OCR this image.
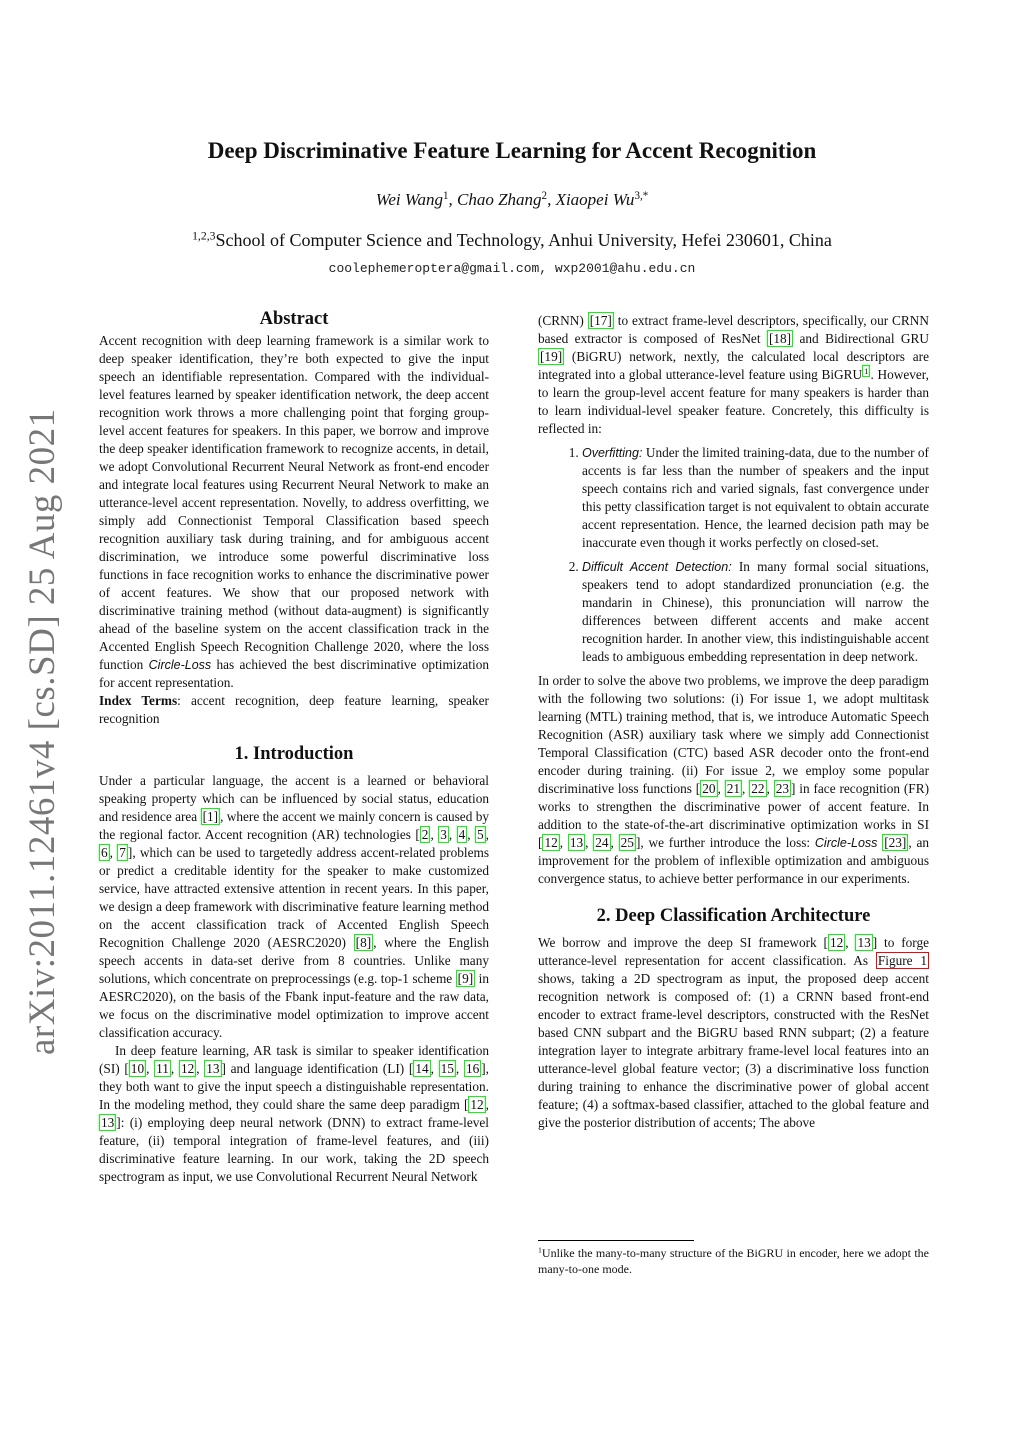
arXiv:2011.12461v4 [cs.SD] 25 Aug 2021
Deep Discriminative Feature Learning for Accent Recognition
Wei Wang$^1$, Chao Zhang$^2$, Xiaopei $Wu^{3,*}$
$^{1,2,3}$School of Computer Science and Technology, Anhui University, Hefei 230601, China
coolephemeroptera@gmail.com, wxp2001@ahu.edu.cn
Abstract

Accent recognition with deep learning framework is a similar work to deep speaker identification, they’re both expected to give the input speech an identifiable representation. Compared with the individual-level features learned by speaker identification network, the deep accent recognition work throws a more challenging point that forging group-level accent features for speakers. In this paper, we borrow and improve the deep speaker identification framework to recognize accents, in detail, we adopt Convolutional Recurrent Neural Network as front-end encoder and integrate local features using Recurrent Neural Network to make an utterance-level accent representation. Novelly, to address overfitting, we simply add Connectionist Temporal Classification based speech recognition auxiliary task during training, and for ambiguous accent discrimination, we introduce some powerful discriminative loss functions in face recognition works to enhance the discriminative power of accent features. We show that our proposed network with discriminative training method (without data-augment) is significantly ahead of the baseline system on the accent classification track in the Accented English Speech Recognition Challenge 2020, where the loss function Circle-Loss has achieved the best discriminative optimization for accent representation.

Index Terms: accent recognition, deep feature learning, speaker recognition

1. Introduction

Under a particular language, the accent is a learned or behavioral speaking property which can be influenced by social status, education and residence area [1] , where the accent we mainly concern is caused by the regional factor. Accent recognition (AR) technologies [ 2 , 3 , 4 , 5 , 6 , 7 ], which can be used to targetedly address accent-related problems or predict a creditable identity for the speaker to make customized service, have attracted extensive attention in recent years. In this paper, we design a deep framework with discriminative feature learning method on the accent classification track of Accented English Speech Recognition Challenge 2020 (AESRC2020) [8] , where the English speech accents in data-set derive from 8 countries. Unlike many solutions, which concentrate on preprocessings (e.g. top-1 scheme [9] in AESRC2020), on the basis of the Fbank input-feature and the raw data, we focus on the discriminative model optimization to improve accent classification accuracy.

In deep feature learning, AR task is similar to speaker identification (SI) [ 10 , 11 , 12 , 13 ] and language identification (LI) [ 14 , 15 , 16 ], they both want to give the input speech a distinguishable representation. In the modeling method, they could share the same deep paradigm [ 12 , 13 ]: (i) employing deep neural network (DNN) to extract frame-level feature, (ii) temporal integration of frame-level features, and (iii) discriminative feature learning. In our work, taking the 2D speech spectrogram as input, we use Convolutional Recurrent Neural Network

(CRNN) [17] to extract frame-level descriptors, specifically, our CRNN based extractor is composed of ResNet [18] and Bidirectional GRU [19] (BiGRU) network, nextly, the calculated local descriptors are integrated into a global utterance-level feature using BiGRU $^1$ . However, to learn the group-level accent feature for many speakers is harder than to learn individual-level speaker feature. Concretely, this difficulty is reflected in:

1. Overfitting: Under the limited training-data, due to the number of accents is far less than the number of speakers and the input speech contains rich and varied signals, fast convergence under this petty classification target is not equivalent to obtain accurate accent representation. Hence, the learned decision path may be inaccurate even though it works perfectly on closed-set.
2. Difficult Accent Detection: In many formal social situations, speakers tend to adopt standardized pronunciation (e.g. the mandarin in Chinese), this pronunciation will narrow the differences between different accents and make accent recognition harder. In another view, this indistinguishable accent leads to ambiguous embedding representation in deep network.

In order to solve the above two problems, we improve the deep paradigm with the following two solutions: (i) For issue 1, we adopt multitask learning (MTL) training method, that is, we introduce Automatic Speech Recognition (ASR) auxiliary task where we simply add Connectionist Temporal Classification (CTC) based ASR decoder onto the front-end encoder during training. (ii) For issue 2, we employ some popular discriminative loss functions [ 20 , 21 , 22 , 23 ] in face recognition (FR) works to strengthen the discriminative power of accent feature. In addition to the state-of-the-art discriminative optimization works in SI [ 12 , 13 , 24 , 25 ], we further introduce the loss: Circle-Loss [23] , an improvement for the problem of inflexible optimization and ambiguous convergence status, to achieve better performance in our experiments.

2. Deep Classification Architecture

We borrow and improve the deep SI framework [ 12 , 13 ] to forge utterance-level representation for accent classification. As Figure 1 shows, taking a 2D spectrogram as input, the proposed deep accent recognition network is composed of: (1) a CRNN based front-end encoder to extract frame-level descriptors, constructed with the ResNet based CNN subpart and the BiGRU based RNN subpart; (2) a feature integration layer to integrate arbitrary frame-level local features into an utterance-level global feature vector; (3) a discriminative loss function during training to enhance the discriminative power of global accent feature; (4) a softmax-based classifier, attached to the global feature and give the posterior distribution of accents; The above

$^1$Unlike the many-to-many structure of the BiGRU in encoder, here we adopt the many-to-one mode.
